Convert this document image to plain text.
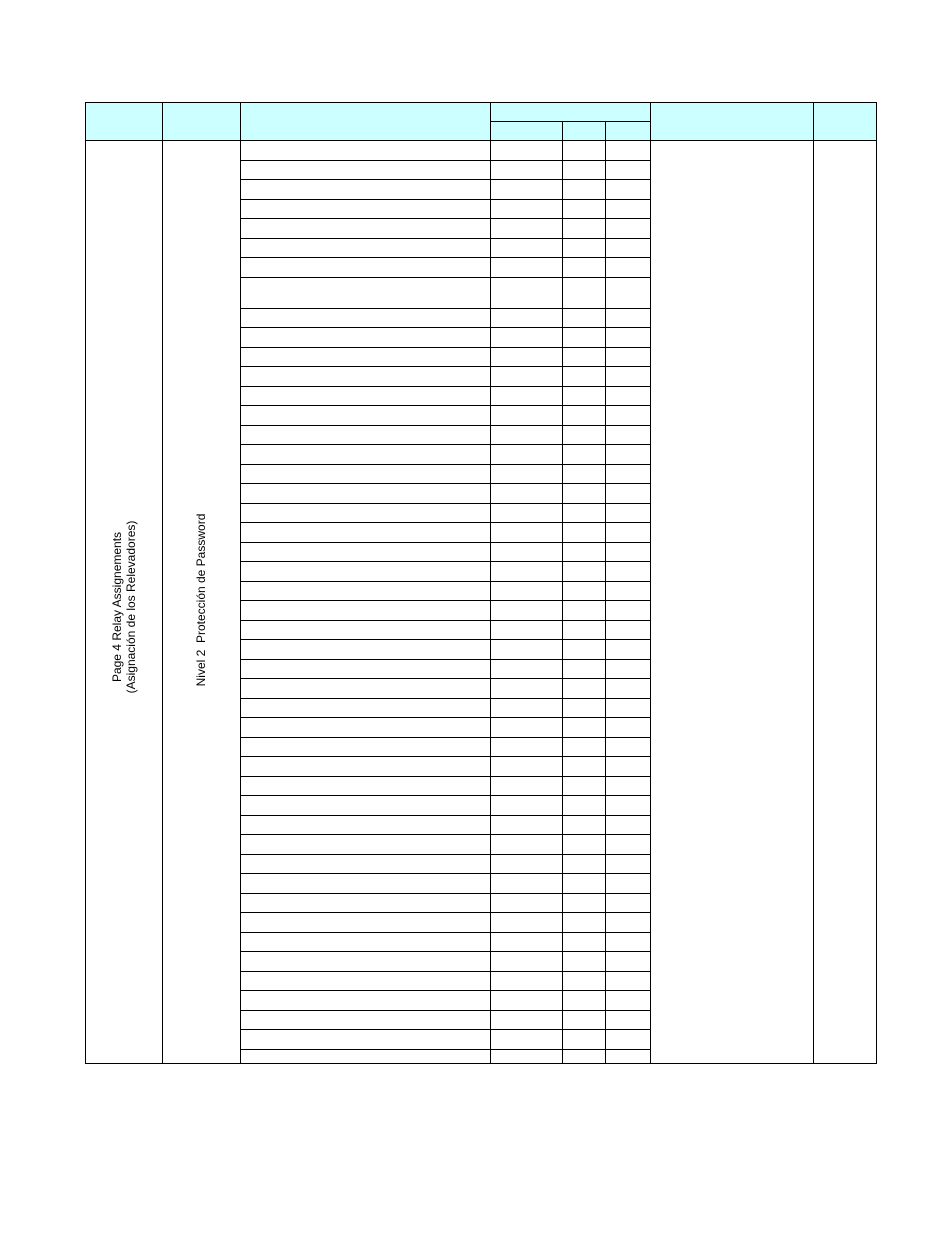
Page 4 Relay Assignements
(Asignación de los Relevadores)	Nivel 2  Protección de Password
